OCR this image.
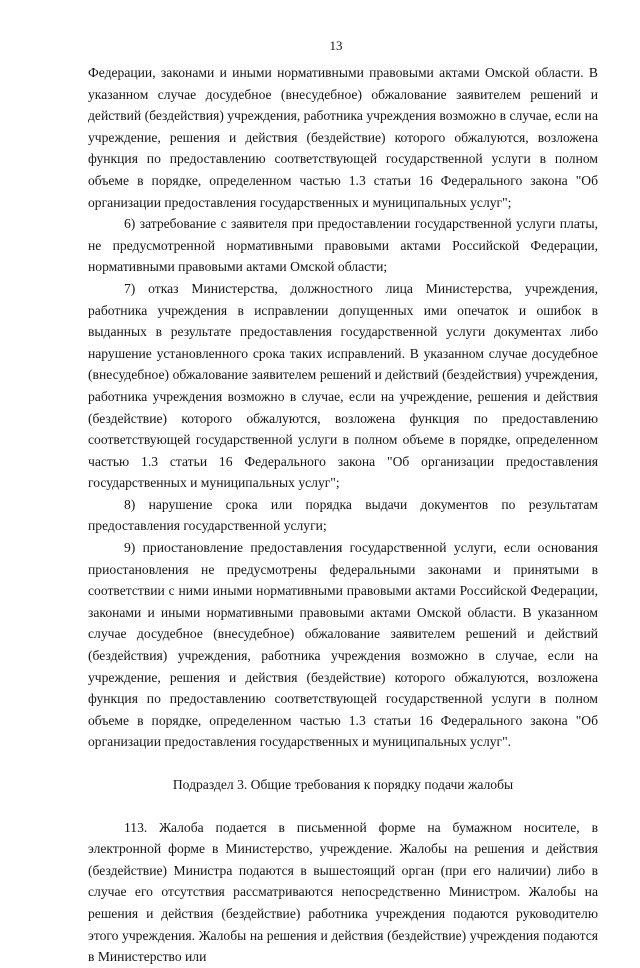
13

Федерации, законами и иными нормативными правовыми актами Омской области. В указанном случае досудебное (внесудебное) обжалование заявителем решений и действий (бездействия) учреждения, работника учреждения возможно в случае, если на учреждение, решения и действия (бездействие) которого обжалуются, возложена функция по предоставлению соответствующей государственной услуги в полном объеме в порядке, определенном частью 1.3 статьи 16 Федерального закона "Об организации предоставления государственных и муниципальных услуг";

6) затребование с заявителя при предоставлении государственной услуги платы, не предусмотренной нормативными правовыми актами Российской Федерации, нормативными правовыми актами Омской области;

7) отказ Министерства, должностного лица Министерства, учреждения, работника учреждения в исправлении допущенных ими опечаток и ошибок в выданных в результате предоставления государственной услуги документах либо нарушение установленного срока таких исправлений. В указанном случае досудебное (внесудебное) обжалование заявителем решений и действий (бездействия) учреждения, работника учреждения возможно в случае, если на учреждение, решения и действия (бездействие) которого обжалуются, возложена функция по предоставлению соответствующей государственной услуги в полном объеме в порядке, определенном частью 1.3 статьи 16 Федерального закона "Об организации предоставления государственных и муниципальных услуг";

8) нарушение срока или порядка выдачи документов по результатам предоставления государственной услуги;

9) приостановление предоставления государственной услуги, если основания приостановления не предусмотрены федеральными законами и принятыми в соответствии с ними иными нормативными правовыми актами Российской Федерации, законами и иными нормативными правовыми актами Омской области. В указанном случае досудебное (внесудебное) обжалование заявителем решений и действий (бездействия) учреждения, работника учреждения возможно в случае, если на учреждение, решения и действия (бездействие) которого обжалуются, возложена функция по предоставлению соответствующей государственной услуги в полном объеме в порядке, определенном частью 1.3 статьи 16 Федерального закона "Об организации предоставления государственных и муниципальных услуг".

Подраздел 3. Общие требования к порядку подачи жалобы

113. Жалоба подается в письменной форме на бумажном носителе, в электронной форме в Министерство, учреждение. Жалобы на решения и действия (бездействие) Министра подаются в вышестоящий орган (при его наличии) либо в случае его отсутствия рассматриваются непосредственно Министром. Жалобы на решения и действия (бездействие) работника учреждения подаются руководителю этого учреждения. Жалобы на решения и действия (бездействие) учреждения подаются в Министерство или
